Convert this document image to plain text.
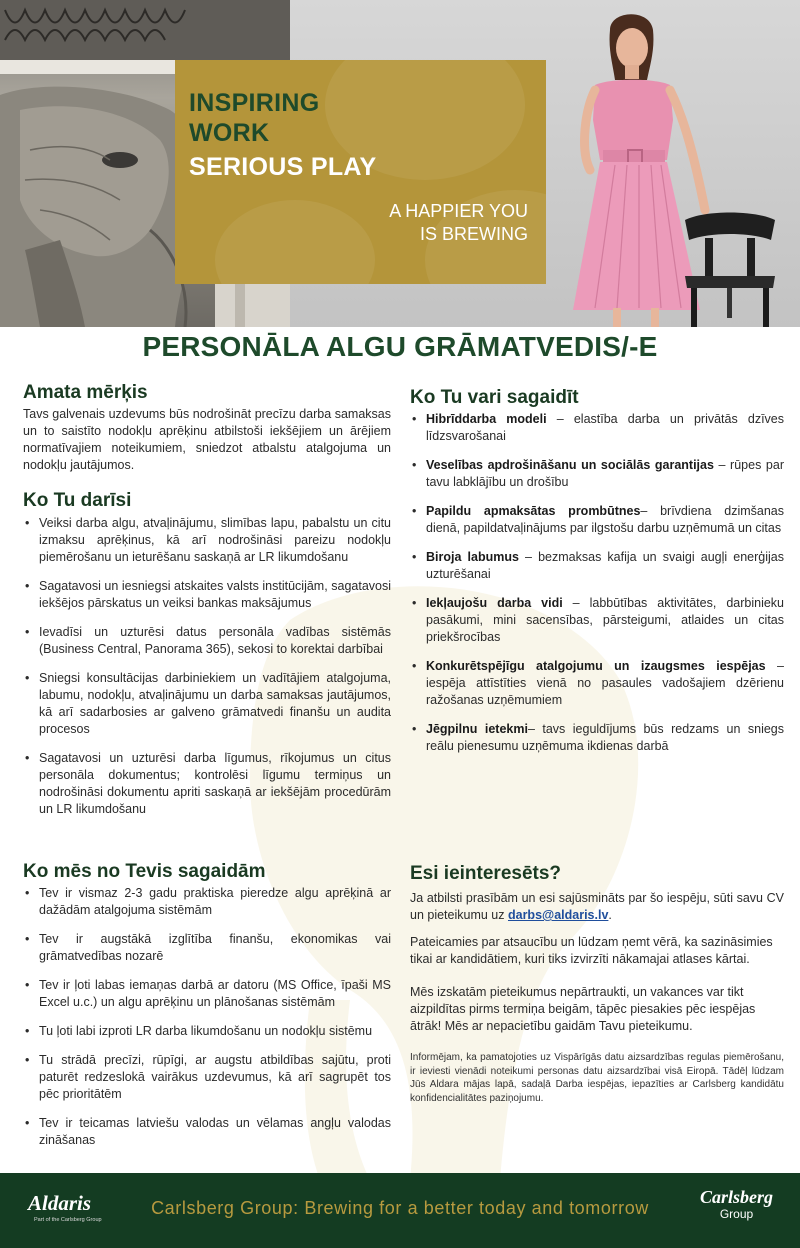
INSPIRING
WORK
SERIOUS PLAY
A HAPPIER YOU
IS BREWING
PERSONĀLA ALGU GRĀMATVEDIS/-E
Amata mērķis

Tavs galvenais uzdevums būs nodrošināt precīzu darba samaksas un to saistīto nodokļu aprēķinu atbilstoši iekšējiem un ārējiem normatīvajiem noteikumiem, sniedzot atbalstu atalgojuma un nodokļu jautājumos.

Ko Tu darīsi
• Veiksi darba algu, atvaļinājumu, slimības lapu, pabalstu un citu izmaksu aprēķinus, kā arī nodrošināsi pareizu nodokļu piemērošanu un ieturēšanu saskaņā ar LR likumdošanu
• Sagatavosi un iesniegsi atskaites valsts institūcijām, sagatavosi iekšējos pārskatus un veiksi bankas maksājumus
• Ievadīsi un uzturēsi datus personāla vadības sistēmās (Business Central, Panorama 365), sekosi to korektai darbībai
• Sniegsi konsultācijas darbiniekiem un vadītājiem atalgojuma, labumu, nodokļu, atvaļinājumu un darba samaksas jautājumos, kā arī sadarbosies ar galveno grāmatvedi finanšu un audita procesos
• Sagatavosi un uzturēsi darba līgumus, rīkojumus un citus personāla dokumentus; kontrolēsi līgumu termiņus un nodrošināsi dokumentu apriti saskaņā ar iekšējām procedūrām un LR likumdošanu
Ko mēs no Tevis sagaidām
• Tev ir vismaz 2-3 gadu praktiska pieredze algu aprēķinā ar dažādām atalgojuma sistēmām
• Tev ir augstākā izglītība finanšu, ekonomikas vai grāmatvedības nozarē
• Tev ir ļoti labas iemaņas darbā ar datoru (MS Office, īpaši MS Excel u.c.) un algu aprēķinu un plānošanas sistēmām
• Tu ļoti labi izproti LR darba likumdošanu un nodokļu sistēmu
• Tu strādā precīzi, rūpīgi, ar augstu atbildības sajūtu, proti paturēt redzeslokā vairākus uzdevumus, kā arī sagrupēt tos pēc prioritātēm
• Tev ir teicamas latviešu valodas un vēlamas angļu valodas zināšanas
Ko Tu vari sagaidīt
• Hibrīddarba modeli – elastība darba un privātās dzīves līdzsvarošanai
• Veselības apdrošināšanu un sociālās garantijas – rūpes par tavu labklājību un drošību
• Papildu apmaksātas prombūtnes– brīvdiena dzimšanas dienā, papildatvaļinājums par ilgstošu darbu uzņēmumā un citas
• Biroja labumus – bezmaksas kafija un svaigi augļi enerģijas uzturēšanai
• Iekļaujošu darba vidi – labbūtības aktivitātes, darbinieku pasākumi, mini sacensības, pārsteigumi, atlaides un citas priekšrocības
• Konkurētspējīgu atalgojumu un izaugsmes iespējas – iespēja attīstīties vienā no pasaules vadošajiem dzērienu ražošanas uzņēmumiem
• Jēgpilnu ietekmi– tavs ieguldījums būs redzams un sniegs reālu pienesumu uzņēmuma ikdienas darbā
Esi ieinteresēts?

Ja atbilsti prasībām un esi sajūsmināts par šo iespēju, sūti savu CV un pieteikumu uz darbs@aldaris.lv.

Pateicamies par atsaucību un lūdzam ņemt vērā, ka sazināsimies tikai ar kandidātiem, kuri tiks izvirzīti nākamajai atlases kārtai.

Mēs izskatām pieteikumus nepārtraukti, un vakances var tikt aizpildītas pirms termiņa beigām, tāpēc piesakies pēc iespējas ātrāk! Mēs ar nepacietību gaidām Tavu pieteikumu.

Informējam, ka pamatojoties uz Vispārīgās datu aizsardzības regulas piemērošanu, ir ieviesti vienādi noteikumi personas datu aizsardzībai visā Eiropā. Tādēļ lūdzam Jūs Aldara mājas lapā, sadaļā Darba iespējas, iepazīties ar Carlsberg kandidātu konfidencialitātes paziņojumu.

Aldaris
Part of the Carlsberg Group
Carlsberg Group: Brewing for a better today and tomorrow
Carlsberg
Group
